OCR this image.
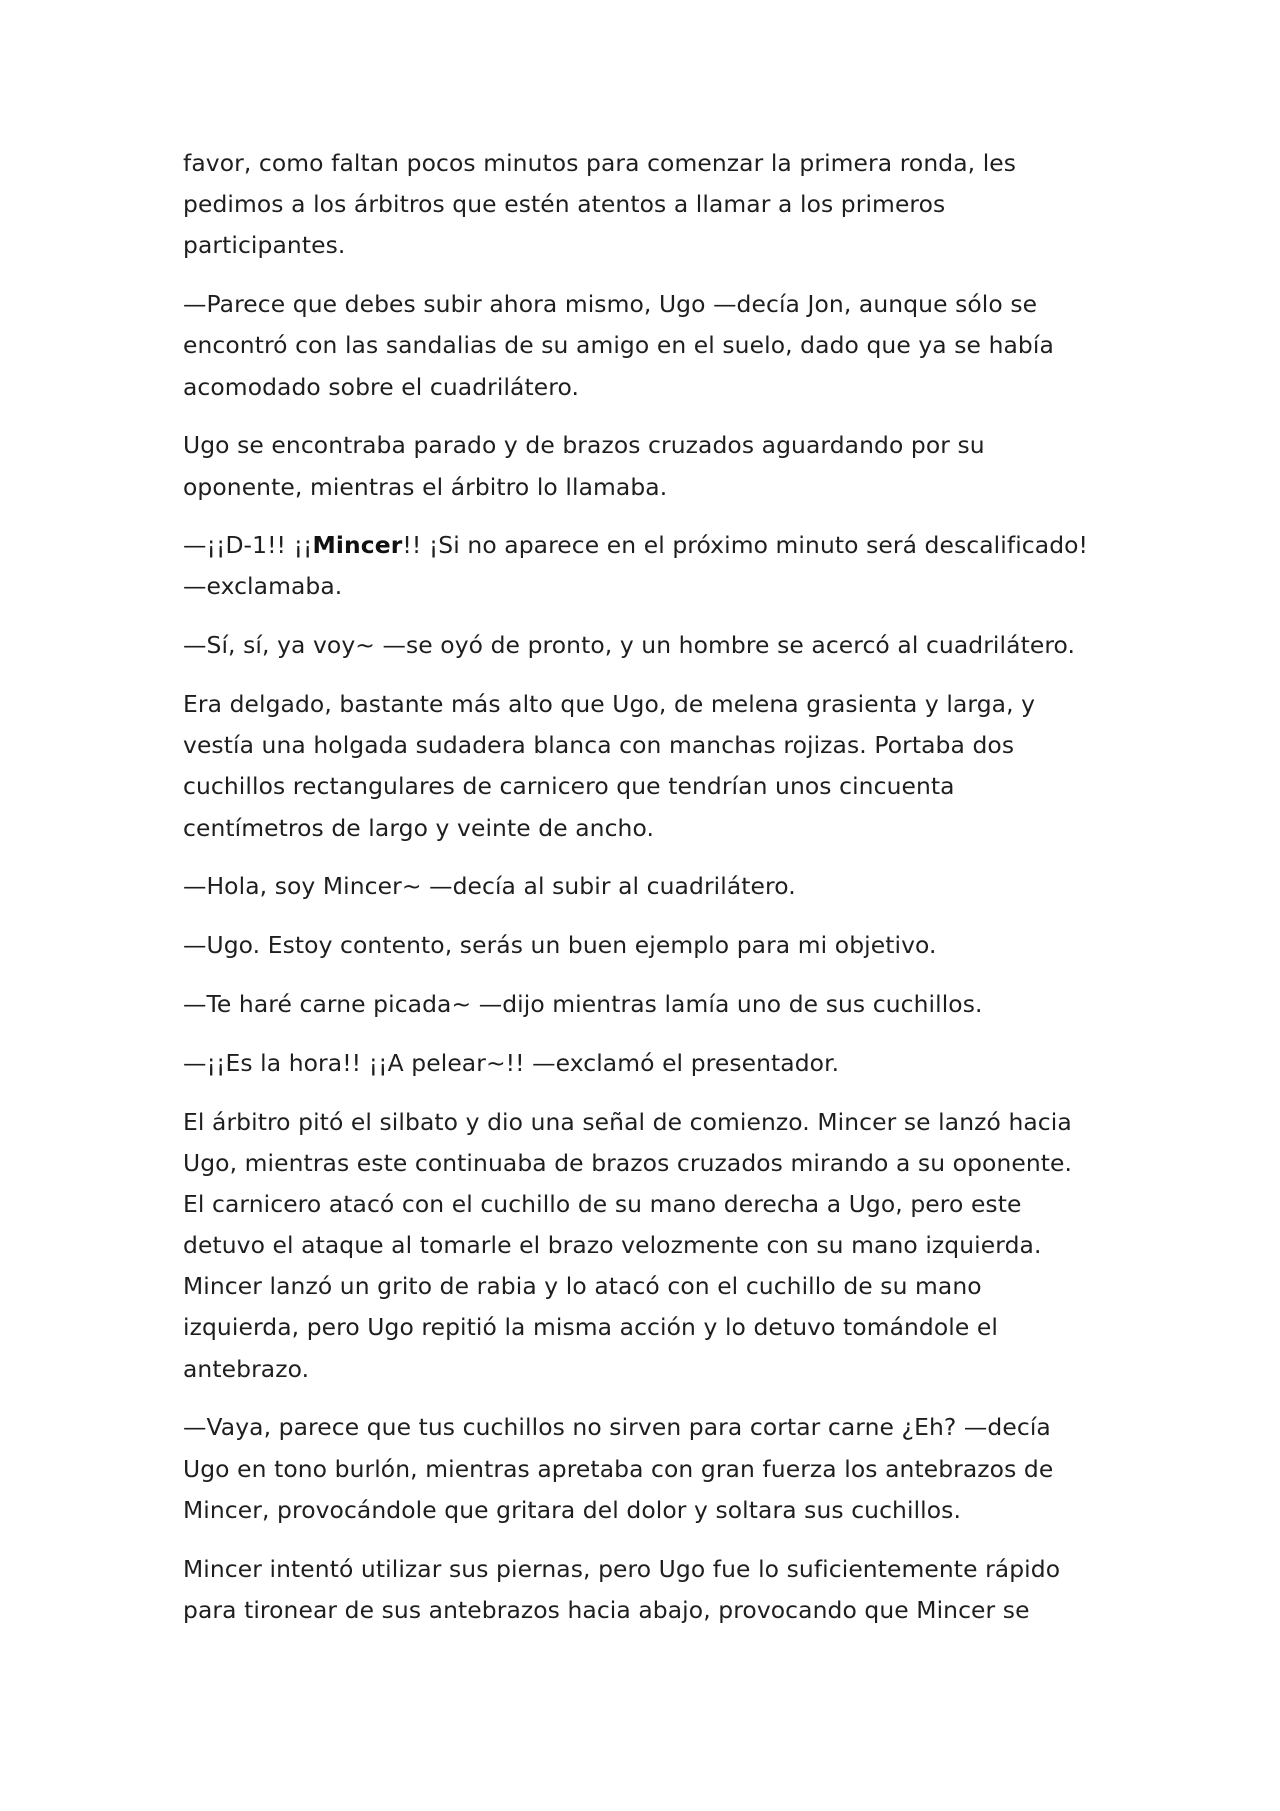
favor, como faltan pocos minutos para comenzar la primera ronda, les
pedimos a los árbitros que estén atentos a llamar a los primeros
participantes.

—Parece que debes subir ahora mismo, Ugo —decía Jon, aunque sólo se
encontró con las sandalias de su amigo en el suelo, dado que ya se había
acomodado sobre el cuadrilátero.

Ugo se encontraba parado y de brazos cruzados aguardando por su
oponente, mientras el árbitro lo llamaba.

—¡¡D-1!! ¡¡Mincer!! ¡Si no aparece en el próximo minuto será descalificado!
—exclamaba.

—Sí, sí, ya voy~ —se oyó de pronto, y un hombre se acercó al cuadrilátero.

Era delgado, bastante más alto que Ugo, de melena grasienta y larga, y
vestía una holgada sudadera blanca con manchas rojizas. Portaba dos
cuchillos rectangulares de carnicero que tendrían unos cincuenta
centímetros de largo y veinte de ancho.

—Hola, soy Mincer~ —decía al subir al cuadrilátero.

—Ugo. Estoy contento, serás un buen ejemplo para mi objetivo.

—Te haré carne picada~ —dijo mientras lamía uno de sus cuchillos.

—¡¡Es la hora!! ¡¡A pelear~!! —exclamó el presentador.

El árbitro pitó el silbato y dio una señal de comienzo. Mincer se lanzó hacia
Ugo, mientras este continuaba de brazos cruzados mirando a su oponente.
El carnicero atacó con el cuchillo de su mano derecha a Ugo, pero este
detuvo el ataque al tomarle el brazo velozmente con su mano izquierda.
Mincer lanzó un grito de rabia y lo atacó con el cuchillo de su mano
izquierda, pero Ugo repitió la misma acción y lo detuvo tomándole el
antebrazo.

—Vaya, parece que tus cuchillos no sirven para cortar carne ¿Eh? —decía
Ugo en tono burlón, mientras apretaba con gran fuerza los antebrazos de
Mincer, provocándole que gritara del dolor y soltara sus cuchillos.

Mincer intentó utilizar sus piernas, pero Ugo fue lo suficientemente rápido
para tironear de sus antebrazos hacia abajo, provocando que Mincer se
